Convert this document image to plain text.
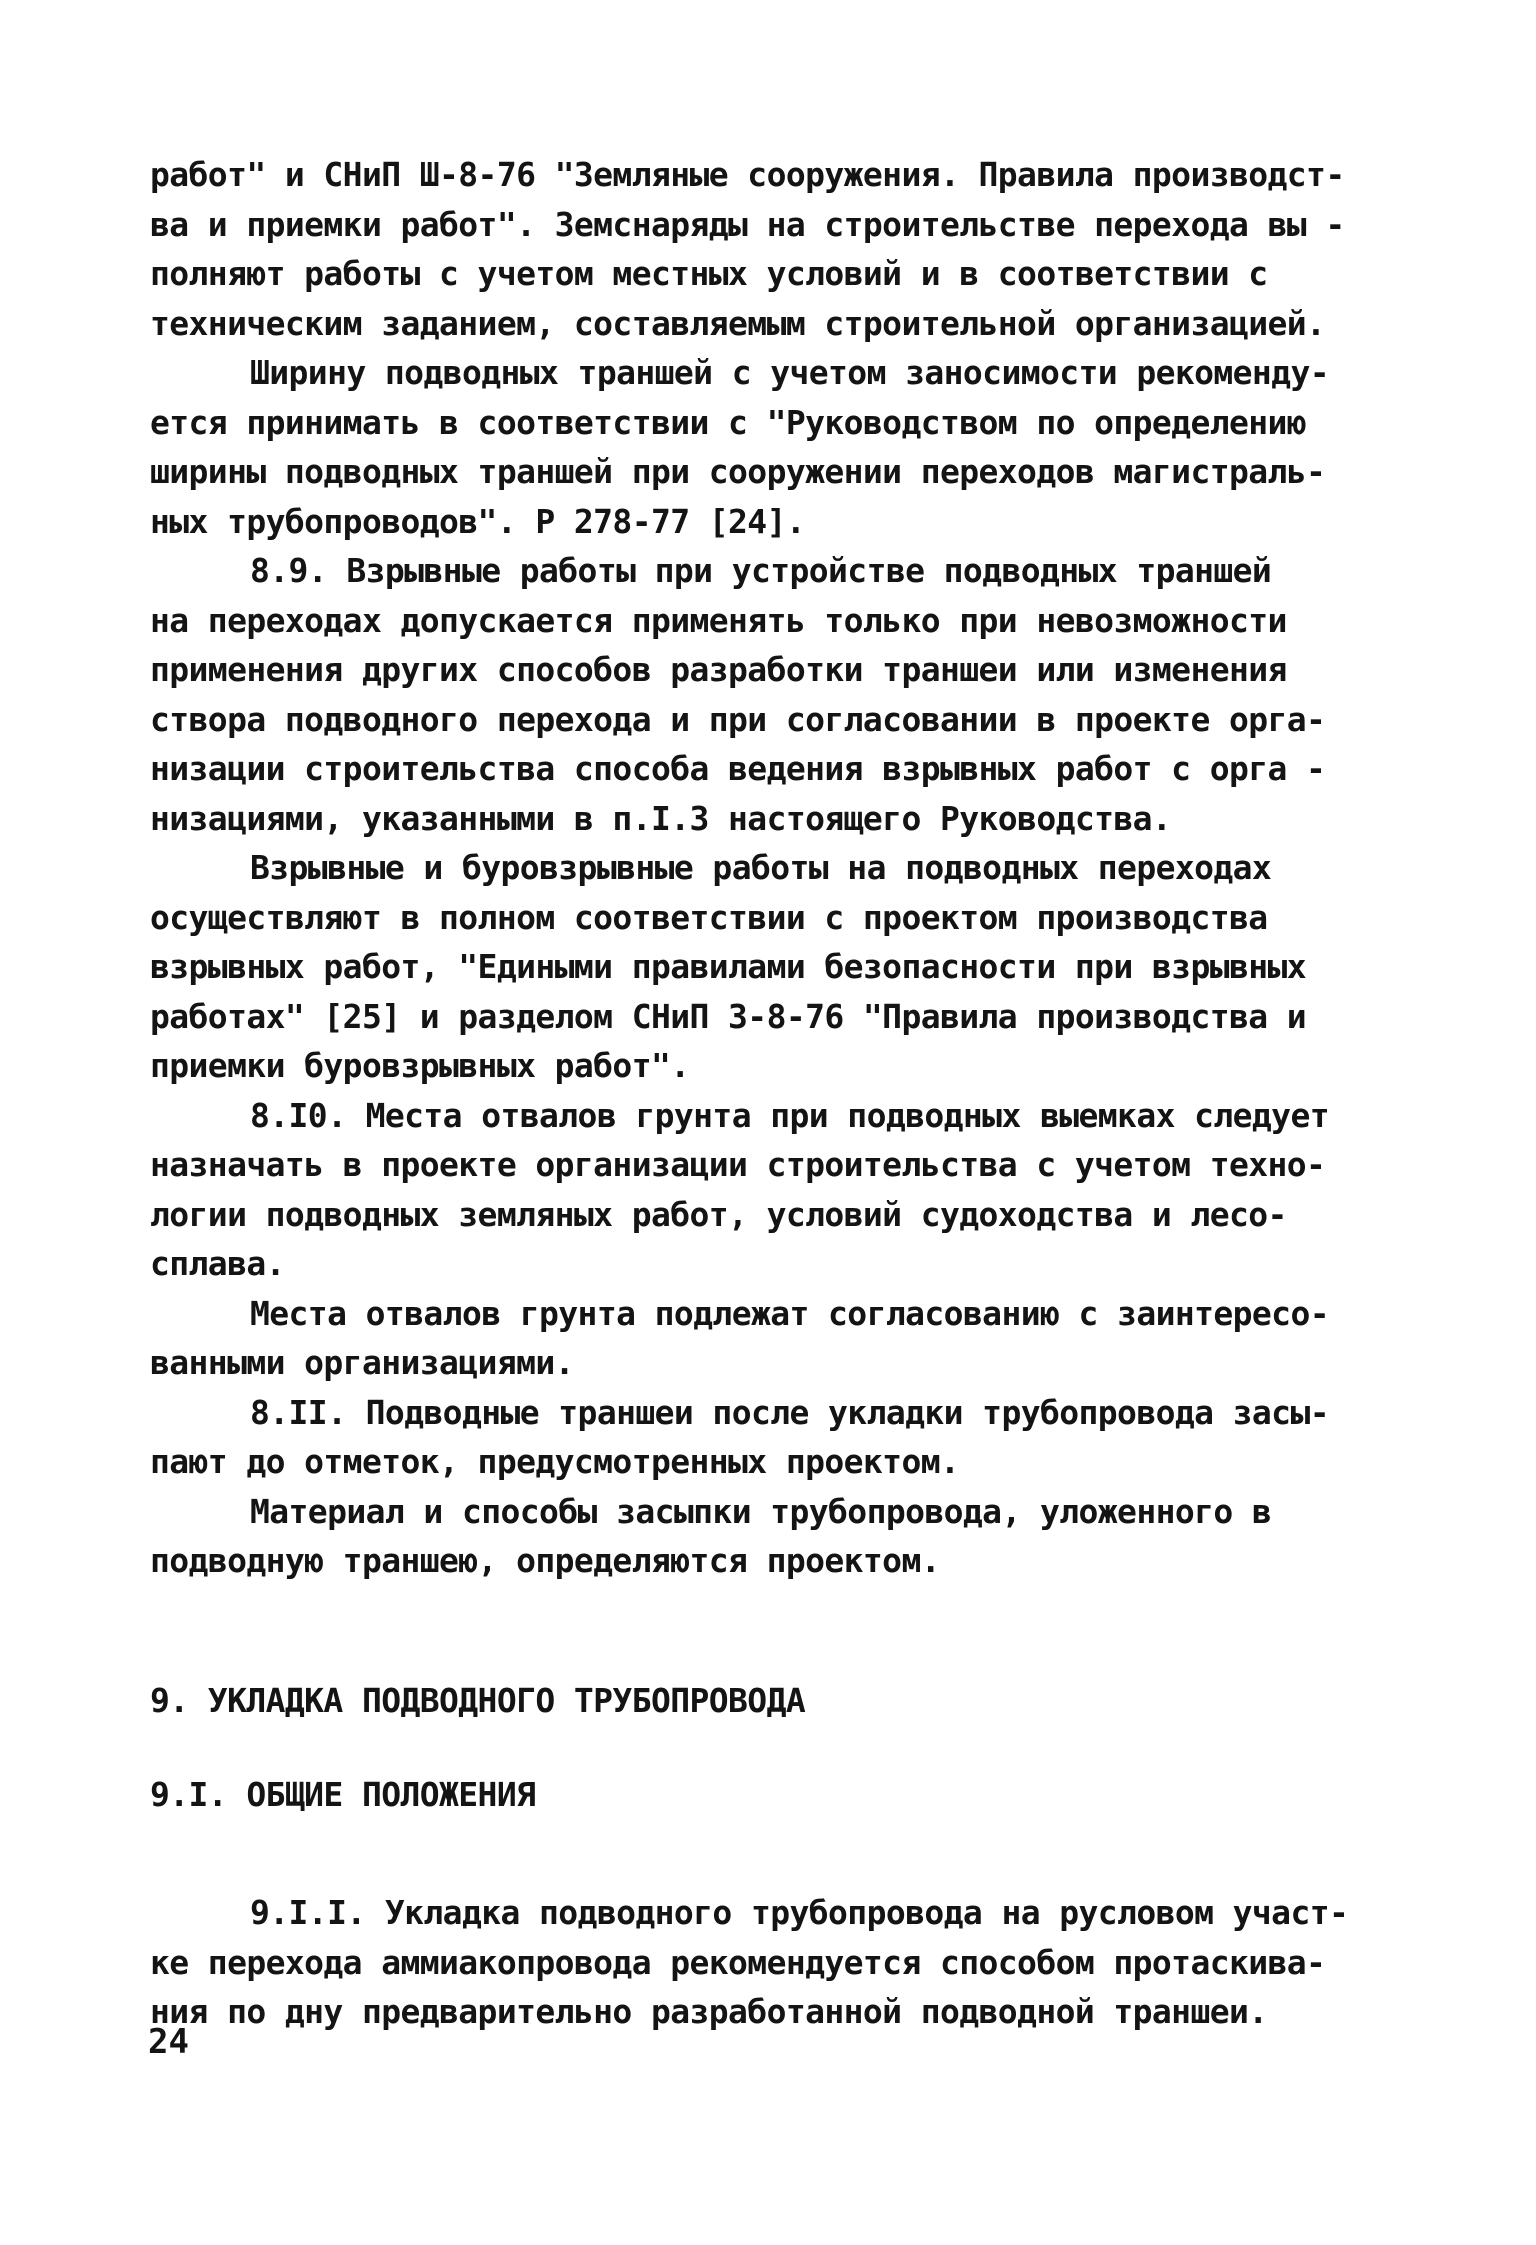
работ" и СНиП Ш-8-76 "Земляные сооружения. Правила производст-
ва и приемки работ". Земснаряды на строительстве перехода вы -
полняют работы с учетом местных условий и в соответствии с
техническим заданием, составляемым строительной организацией.
Ширину подводных траншей с учетом заносимости рекоменду-
ется принимать в соответствии с "Руководством по определению
ширины подводных траншей при сооружении переходов магистраль-
ных трубопроводов". Р 278-77 [24].
8.9. Взрывные работы при устройстве подводных траншей
на переходах допускается применять только при невозможности
применения других способов разработки траншеи или изменения
створа подводного перехода и при согласовании в проекте орга-
низации строительства способа ведения взрывных работ с орга -
низациями, указанными в п.I.3 настоящего Руководства.
Взрывные и буровзрывные работы на подводных переходах
осуществляют в полном соответствии с проектом производства
взрывных работ, "Едиными правилами безопасности при взрывных
работах" [25] и разделом СНиП 3-8-76 "Правила производства и
приемки буровзрывных работ".
8.I0. Места отвалов грунта при подводных выемках следует
назначать в проекте организации строительства с учетом техно-
логии подводных земляных работ, условий судоходства и лесо-
сплава.
Места отвалов грунта подлежат согласованию с заинтересо-
ванными организациями.
8.II. Подводные траншеи после укладки трубопровода засы-
пают до отметок, предусмотренных проектом.
Материал и способы засыпки трубопровода, уложенного в
подводную траншею, определяются проектом.
9. УКЛАДКА ПОДВОДНОГО ТРУБОПРОВОДА
9.I. ОБЩИЕ ПОЛОЖЕНИЯ
9.I.I. Укладка подводного трубопровода на русловом участ-
ке перехода аммиакопровода рекомендуется способом протаскива-
ния по дну предварительно разработанной подводной траншеи.
24
